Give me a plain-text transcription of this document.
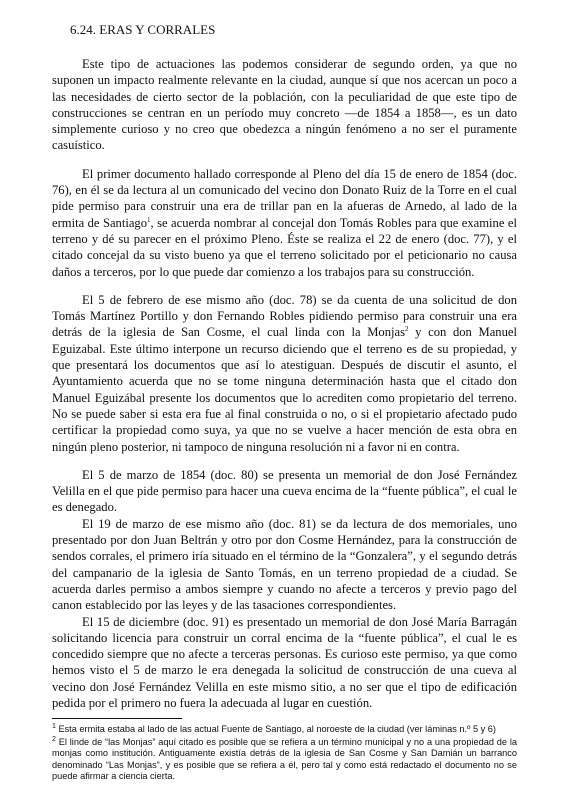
6.24. ERAS Y CORRALES

Este tipo de actuaciones las podemos considerar de segundo orden, ya que no suponen un impacto realmente relevante en la ciudad, aunque sí que nos acercan un poco a las necesidades de cierto sector de la población, con la peculiaridad de que este tipo de construcciones se centran en un período muy concreto —de 1854 a 1858—, es un dato simplemente curioso y no creo que obedezca a ningún fenómeno a no ser el puramente casuístico.

El primer documento hallado corresponde al Pleno del día 15 de enero de 1854 (doc. 76), en él se da lectura al un comunicado del vecino don Donato Ruiz de la Torre en el cual pide permiso para construir una era de trillar pan en la afueras de Arnedo, al lado de la ermita de Santiago$^1$, se acuerda nombrar al concejal don Tomás Robles para que examine el terreno y dé su parecer en el próximo Pleno. Éste se realiza el 22 de enero (doc. 77), y el citado concejal da su visto bueno ya que el terreno solicitado por el peticionario no causa daños a terceros, por lo que puede dar comienzo a los trabajos para su construcción.

El 5 de febrero de ese mismo año (doc. 78) se da cuenta de una solicitud de don Tomás Martínez Portillo y don Fernando Robles pidiendo permiso para construir una era detrás de la iglesia de San Cosme, el cual linda con la Monjas$^2$ y con don Manuel Eguizabal. Este último interpone un recurso diciendo que el terreno es de su propiedad, y que presentará los documentos que así lo atestiguan. Después de discutir el asunto, el Ayuntamiento acuerda que no se tome ninguna determinación hasta que el citado don Manuel Eguizábal presente los documentos que lo acrediten como propietario del terreno. No se puede saber si esta era fue al final construida o no, o si el propietario afectado pudo certificar la propiedad como suya, ya que no se vuelve a hacer mención de esta obra en ningún pleno posterior, ni tampoco de ninguna resolución ni a favor ni en contra.

El 5 de marzo de 1854 (doc. 80) se presenta un memorial de don José Fernández Velilla en el que pide permiso para hacer una cueva encima de la “fuente pública”, el cual le es denegado.

El 19 de marzo de ese mismo año (doc. 81) se da lectura de dos memoriales, uno presentado por don Juan Beltrán y otro por don Cosme Hernández, para la construcción de sendos corrales, el primero iría situado en el término de la “Gonzalera”, y el segundo detrás del campanario de la iglesia de Santo Tomás, en un terreno propiedad de a ciudad. Se acuerda darles permiso a ambos siempre y cuando no afecte a terceros y previo pago del canon establecido por las leyes y de las tasaciones correspondientes.

El 15 de diciembre (doc. 91) es presentado un memorial de don José María Barragán solicitando licencia para construir un corral encima de la “fuente pública”, el cual le es concedido siempre que no afecte a terceras personas. Es curioso este permiso, ya que como hemos visto el 5 de marzo le era denegada la solicitud de construcción de una cueva al vecino don José Fernández Velilla en este mismo sitio, a no ser que el tipo de edificación pedida por el primero no fuera la adecuada al lugar en cuestión.

$^1$ Esta ermita estaba al lado de las actual Fuente de Santiago, al noroeste de la ciudad (ver láminas n.º 5 y 6)

$^2$ El linde de “las Monjas” aquí citado es posible que se refiera a un término municipal y no a una propiedad de la monjas como institución. Antiguamente existía detrás de la iglesia de San Cosme y San Damián un barranco denominado “Las Monjas”, y es posible que se refiera a él, pero tal y como está redactado el documento no se puede afirmar a ciencia cierta.
